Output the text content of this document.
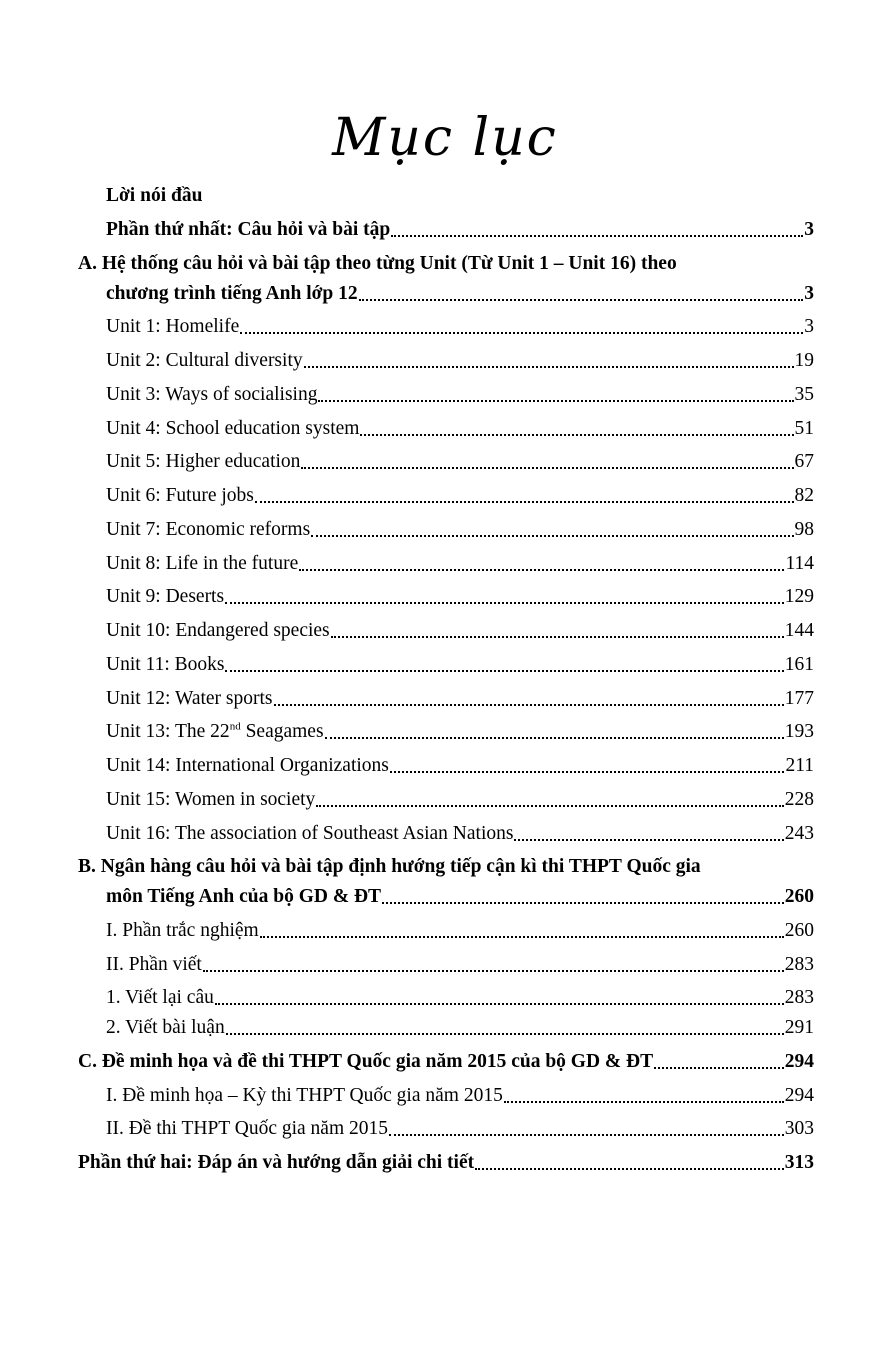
Mục lục
Lời nói đầu
Phần thứ nhất: Câu hỏi và bài tập	3
A. Hệ thống câu hỏi và bài tập theo từng Unit (Từ Unit 1 – Unit 16) theo
chương trình tiếng Anh lớp 12	3
Unit 1: Homelife	3
Unit 2: Cultural diversity	19
Unit 3: Ways of socialising	35
Unit 4: School education system	51
Unit 5: Higher education	67
Unit 6: Future jobs	82
Unit 7: Economic reforms	98
Unit 8: Life in the future	114
Unit 9: Deserts	129
Unit 10: Endangered species	144
Unit 11: Books	161
Unit 12: Water sports	177
Unit 13: The 22nd Seagames	193
Unit 14: International Organizations	211
Unit 15: Women in society	228
Unit 16: The association of Southeast Asian Nations	243
B. Ngân hàng câu hỏi và bài tập định hướng tiếp cận kì thi THPT Quốc gia
môn Tiếng Anh của bộ GD & ĐT	260
I. Phần trắc nghiệm	260
II. Phần viết	283
1. Viết lại câu	283
2. Viết bài luận	291
C. Đề minh họa và đề thi THPT Quốc gia năm 2015 của bộ GD & ĐT	294
I. Đề minh họa – Kỳ thi THPT Quốc gia năm 2015	294
II. Đề thi THPT Quốc gia năm 2015	303
Phần thứ hai: Đáp án và hướng dẫn giải chi tiết	313
